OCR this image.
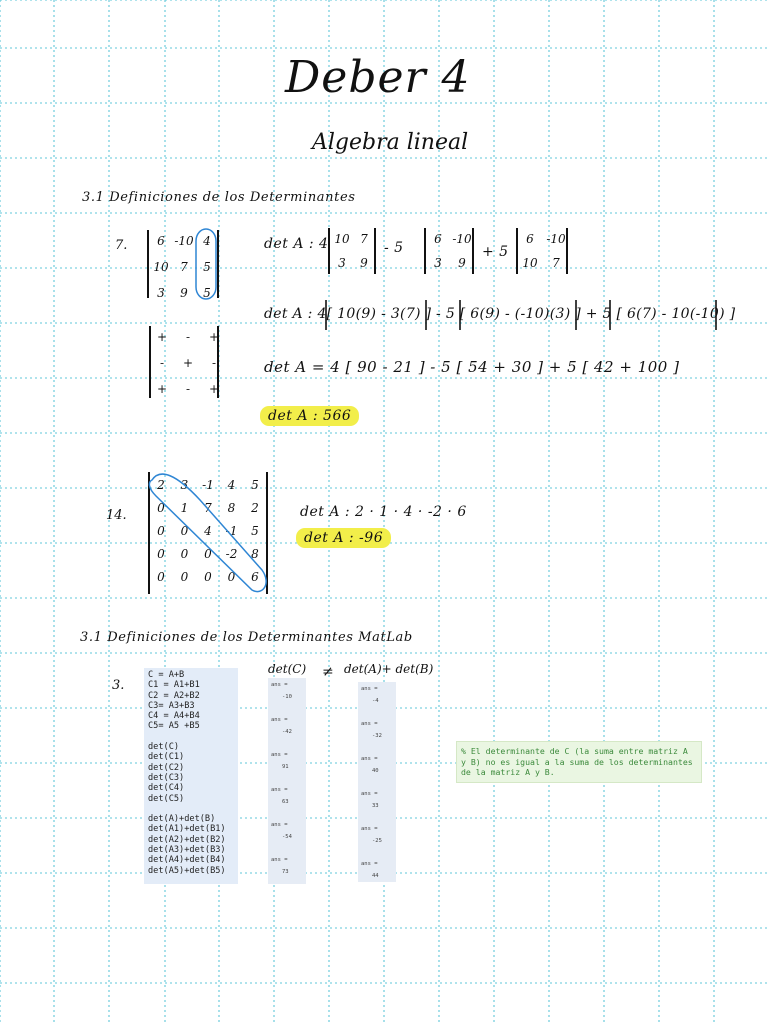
Deber 4
Algebra lineal
3.1 Definiciones de los Determinantes
7.	6 -10 4
10 7	5
3	9	5
+	-	+
-	+	-
+	-	+
det A : 4 10 7
3	9
- 5
6 -10
3	9
+ 5
6	-10
10	7
det A : 4[ 10(9) - 3(7) ] - 5 [ 6(9) - (-10)(3) ] + 5 [ 6(7) - 10(-10) ]
det A = 4 [ 90 - 21 ] - 5 [ 54 + 30 ] + 5 [ 42 + 100 ]
det A : 566
14.
2	3	-1	4	5
0	1	7	8	2
0	0	4	-1	5
0	0	0	-2	8
0	0	0	0	6
det A : 2 · 1 · 4 · -2 · 6
det A : -96
3.1 Definiciones de los Determinantes MatLab
3.
det(C) ≠ det(A)+ det(B)
C = A+B
C1 = A1+B1
C2 = A2+B2
C3= A3+B3
C4 = A4+B4
C5= A5 +B5

det(C)
det(C1)
det(C2)
det(C3)
det(C4)
det(C5)

det(A)+det(B)
det(A1)+det(B1)
det(A2)+det(B2)
det(A3)+det(B3)
det(A4)+det(B4)
det(A5)+det(B5)
ans =
-10
ans =
-42
ans =
91
ans =
63
ans =
-54
ans =
73
ans =
-4
ans =
-32
ans =
40
ans =
33
ans =
-25
ans =
44
% El determinante de C (la suma entre matriz A y B) no es igual a la suma de los determinantes de la matriz A y B.
